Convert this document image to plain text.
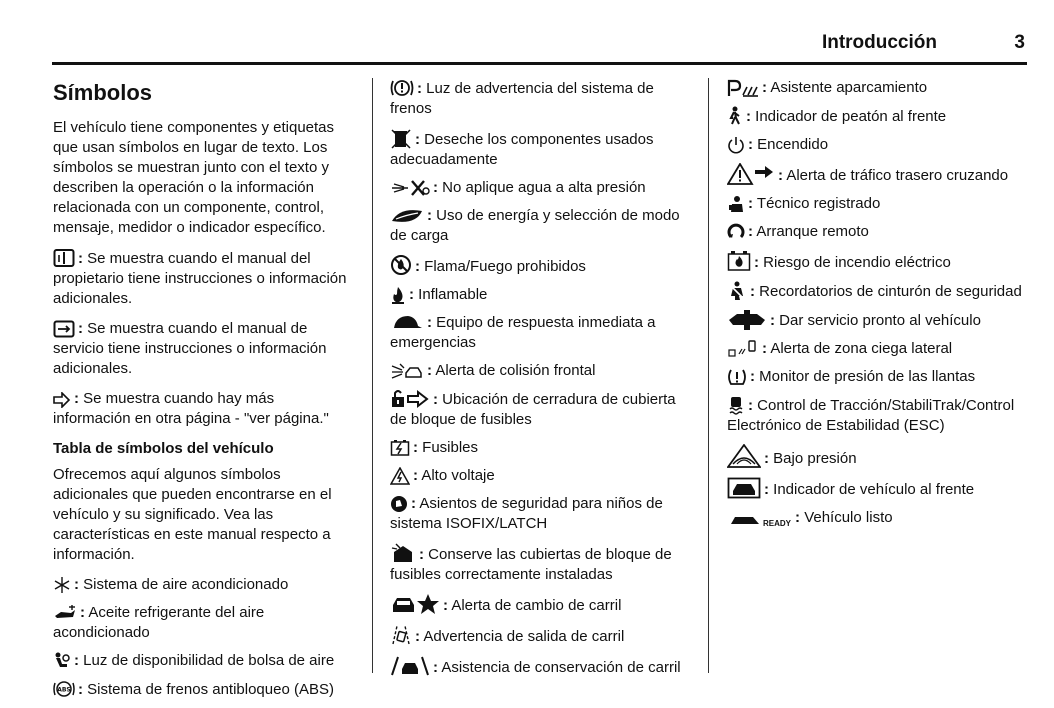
Introducción	3
Símbolos

El vehículo tiene componentes y etiquetas que usan símbolos en lugar de texto. Los símbolos se muestran junto con el texto y describen la operación o la información relacionada con un componente, control, mensaje, medidor o indicador específico.

: Se muestra cuando el manual del propietario tiene instrucciones o información adicionales.

: Se muestra cuando el manual de servicio tiene instrucciones o información adicionales.

: Se muestra cuando hay más información en otra página - "ver página."

Tabla de símbolos del vehículo

Ofrecemos aquí algunos símbolos adicionales que pueden encontrarse en el vehículo y su significado. Vea las características en este manual respecto a información.

: Sistema de aire acondicionado
: Aceite refrigerante del aire acondicionado
: Luz de disponibilidad de bolsa de aire
ABS : Sistema de frenos antibloqueo (ABS)
: Luz de advertencia del sistema de frenos
: Deseche los componentes usados adecuadamente
: No aplique agua a alta presión
: Uso de energía y selección de modo de carga
: Flama/Fuego prohibidos
: Inflamable
: Equipo de respuesta inmediata a emergencias
: Alerta de colisión frontal
: Ubicación de cerradura de cubierta de bloque de fusibles
: Fusibles
: Alto voltaje
: Asientos de seguridad para niños de sistema ISOFIX/LATCH
: Conserve las cubiertas de bloque de fusibles correctamente instaladas
: Alerta de cambio de carril
: Advertencia de salida de carril
: Asistencia de conservación de carril
: Asistente aparcamiento
: Indicador de peatón al frente
: Encendido
: Alerta de tráfico trasero cruzando
: Técnico registrado
: Arranque remoto
: Riesgo de incendio eléctrico
: Recordatorios de cinturón de seguridad
: Dar servicio pronto al vehículo
: Alerta de zona ciega lateral
: Monitor de presión de las llantas
: Control de Tracción/StabiliTrak/Control Electrónico de Estabilidad (ESC)
: Bajo presión
: Indicador de vehículo al frente
READY : Vehículo listo
